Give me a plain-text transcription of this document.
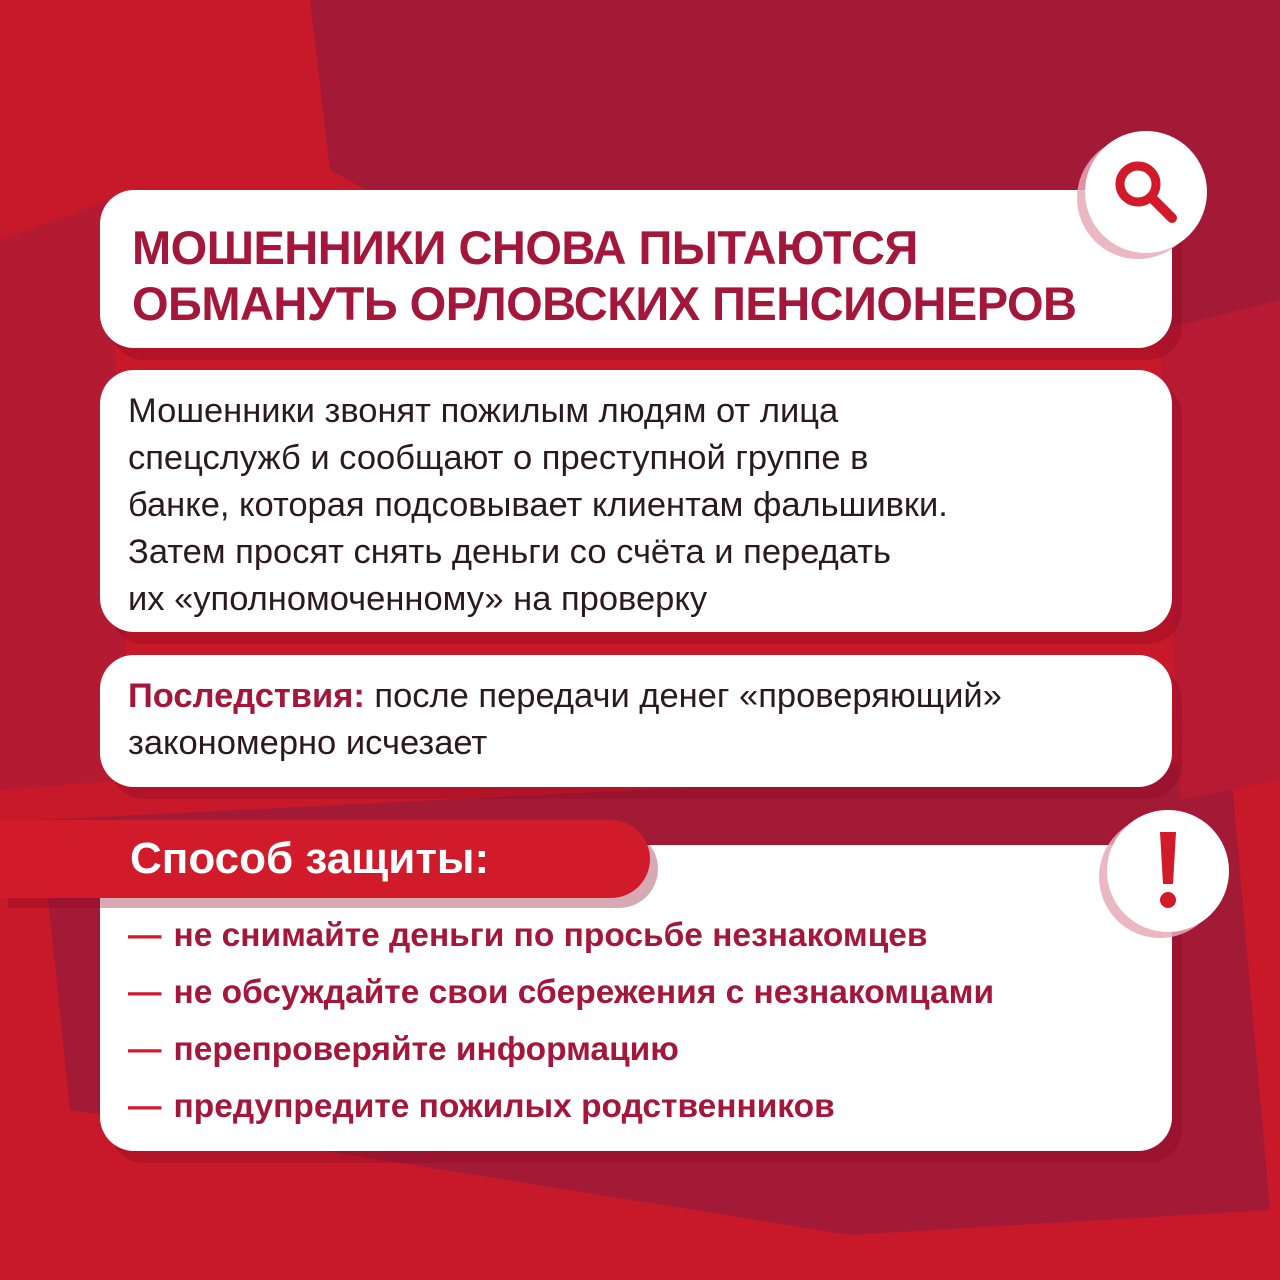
МОШЕННИКИ СНОВА ПЫТАЮТСЯ
ОБМАНУТЬ ОРЛОВСКИХ ПЕНСИОНЕРОВ

Мошенники звонят пожилым людям от лица
спецслужб и сообщают о преступной группе в
банке, которая подсовывает клиентам фальшивки.
Затем просят снять деньги со счёта и передать
их «уполномоченному» на проверку

Последствия: после передачи денег «проверяющий»
закономерно исчезает

— не снимайте деньги по просьбе незнакомцев
— не обсуждайте свои сбережения с незнакомцами
— перепроверяйте информацию
— предупредите пожилых родственников
Способ защиты:
